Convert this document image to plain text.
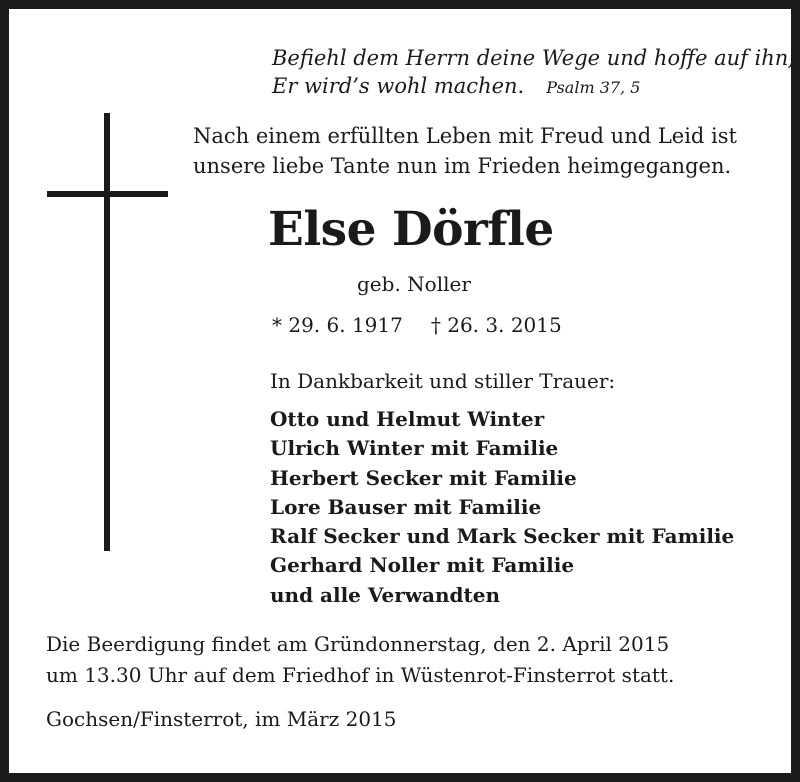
Befiehl dem Herrn deine Wege und hoffe auf ihn;
Er wird’s wohl machen. Psalm 37, 5
Nach einem erfüllten Leben mit Freud und Leid ist
unsere liebe Tante nun im Frieden heimgegangen.
Else Dörfle
geb. Noller
* 29. 6. 1917 † 26. 3. 2015
In Dankbarkeit und stiller Trauer:
Otto und Helmut Winter
Ulrich Winter mit Familie
Herbert Secker mit Familie
Lore Bauser mit Familie
Ralf Secker und Mark Secker mit Familie
Gerhard Noller mit Familie
und alle Verwandten
Die Beerdigung findet am Gründonnerstag, den 2. April 2015
um 13.30 Uhr auf dem Friedhof in Wüstenrot-Finsterrot statt.
Gochsen/Finsterrot, im März 2015
